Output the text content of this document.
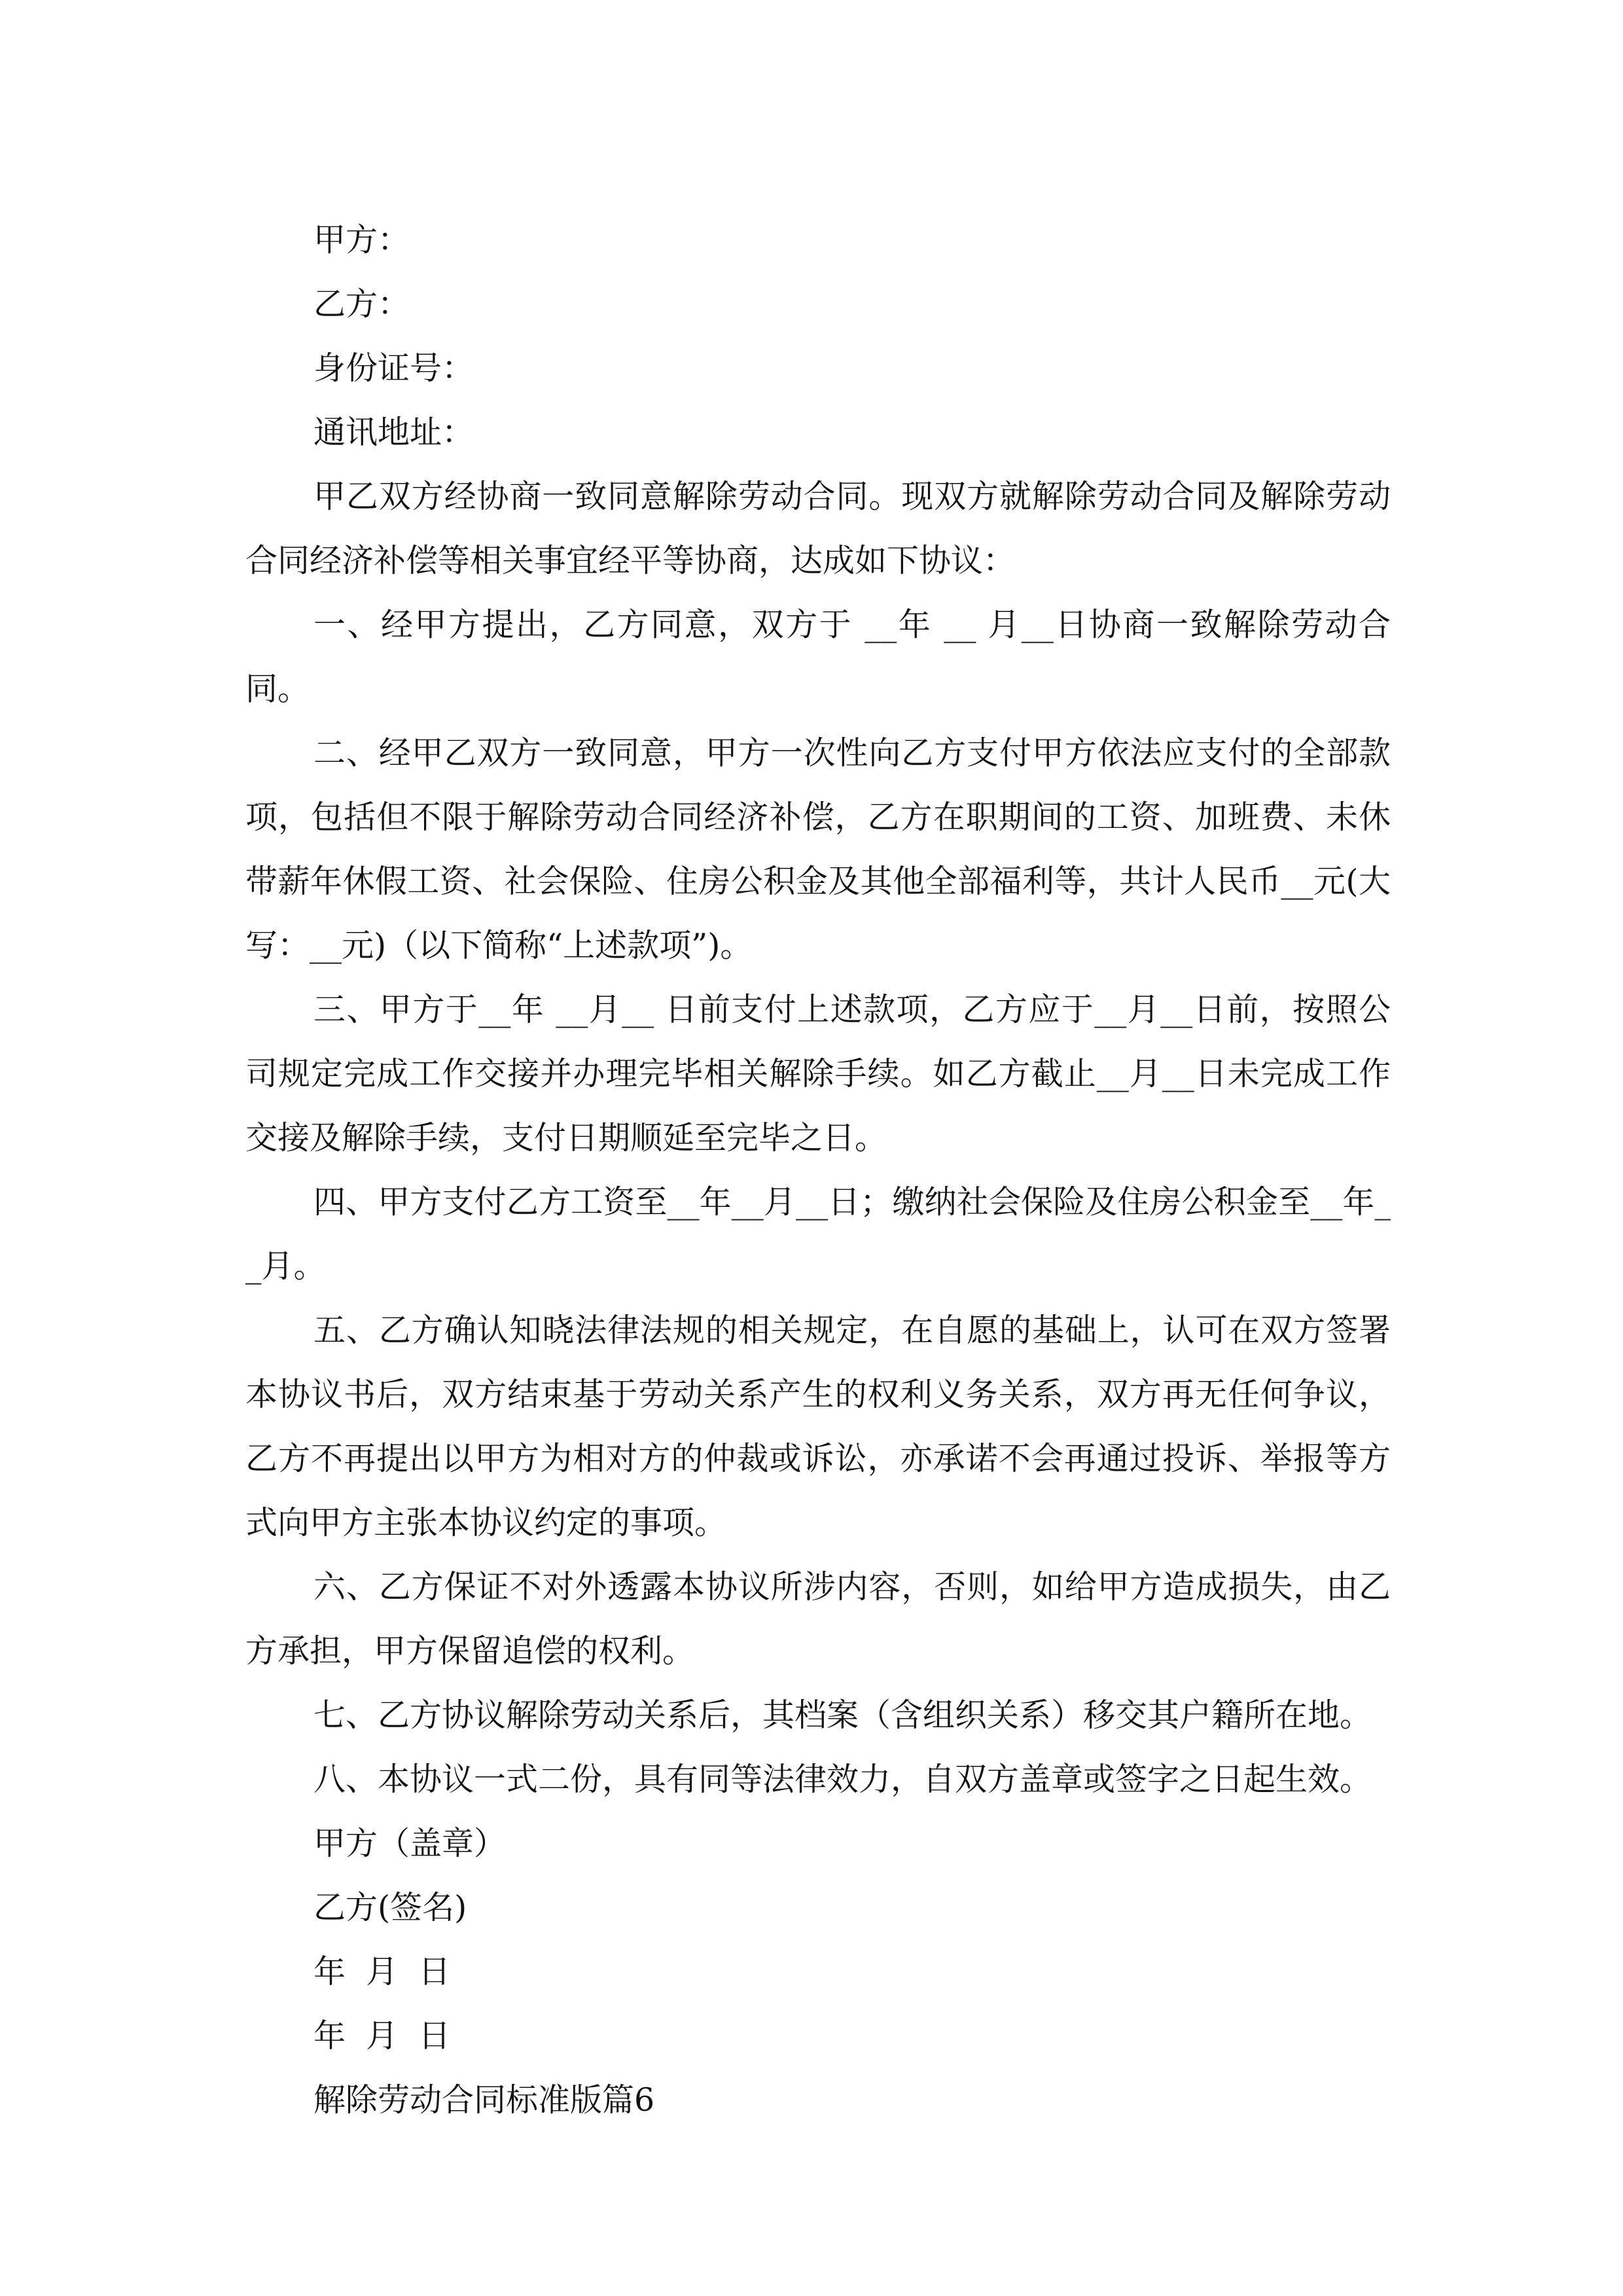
甲方：
乙方：
身份证号：
通讯地址：

甲乙双方经协商一致同意解除劳动合同。现双方就解除劳动合同及解除劳动合同经济补偿等相关事宜经平等协商，达成如下协议：

一、经甲方提出，乙方同意，双方于 __年 __ 月__日协商一致解除劳动合同。

二、经甲乙双方一致同意，甲方一次性向乙方支付甲方依法应支付的全部款项，包括但不限于解除劳动合同经济补偿，乙方在职期间的工资、加班费、未休带薪年休假工资、社会保险、住房公积金及其他全部福利等，共计人民币__元(大写：__元)（以下简称“上述款项”)。

三、甲方于__年 __月__ 日前支付上述款项，乙方应于__月__日前，按照公司规定完成工作交接并办理完毕相关解除手续。如乙方截止__月__日未完成工作交接及解除手续，支付日期顺延至完毕之日。

四、甲方支付乙方工资至__年__月__日；缴纳社会保险及住房公积金至__年__月。

五、乙方确认知晓法律法规的相关规定，在自愿的基础上，认可在双方签署本协议书后，双方结束基于劳动关系产生的权利义务关系，双方再无任何争议，乙方不再提出以甲方为相对方的仲裁或诉讼，亦承诺不会再通过投诉、举报等方式向甲方主张本协议约定的事项。

六、乙方保证不对外透露本协议所涉内容，否则，如给甲方造成损失，由乙方承担，甲方保留追偿的权利。

七、乙方协议解除劳动关系后，其档案（含组织关系）移交其户籍所在地。

八、本协议一式二份，具有同等法律效力，自双方盖章或签字之日起生效。

甲方（盖章）
乙方(签名)
年  月  日
年  月  日
解除劳动合同标准版篇6
